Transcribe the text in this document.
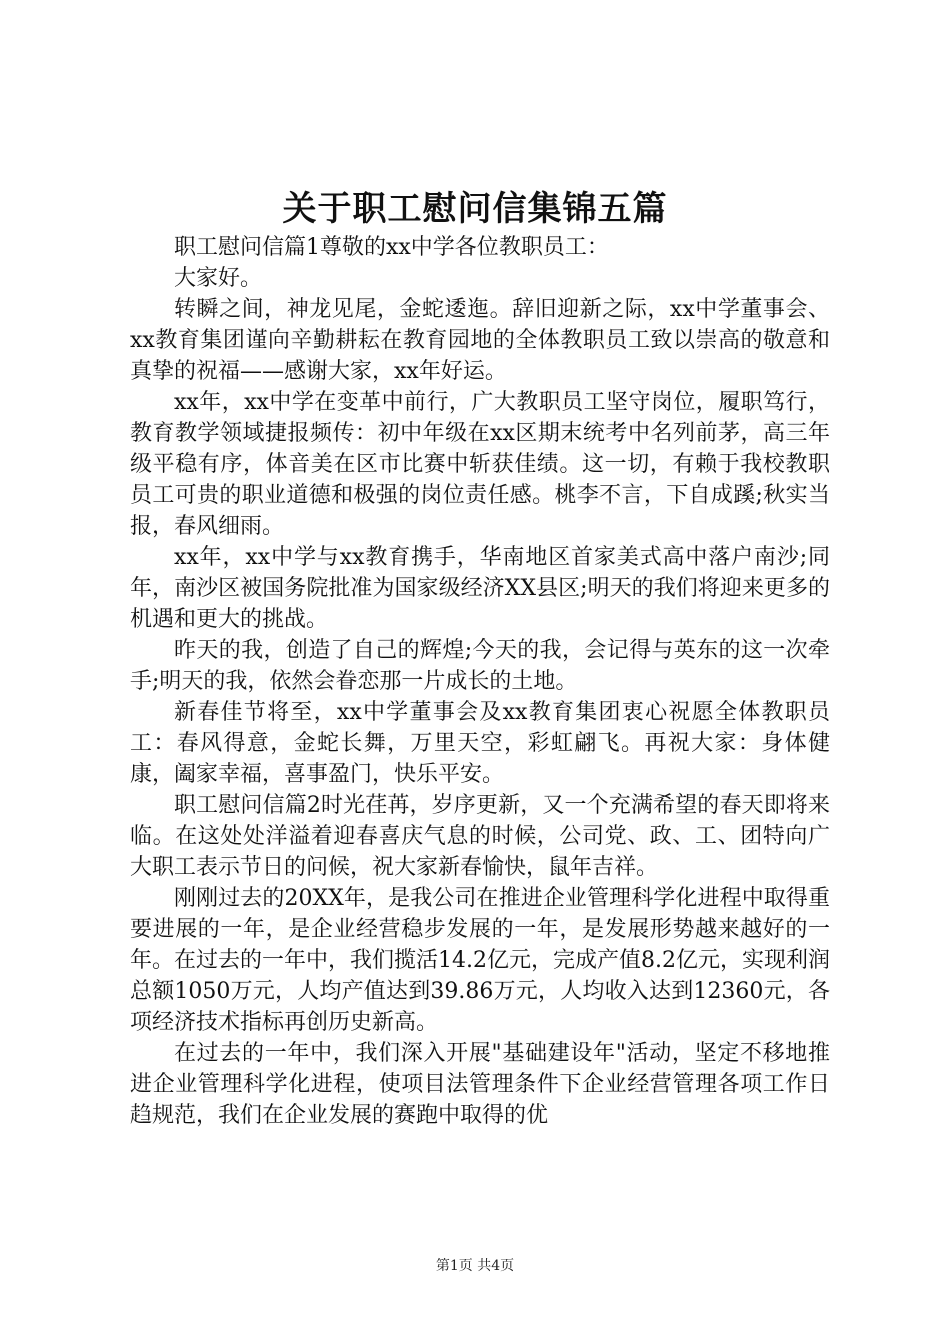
关于职工慰问信集锦五篇

职工慰问信篇1尊敬的xx中学各位教职员工：

大家好。

转瞬之间，神龙见尾，金蛇逶迤。辞旧迎新之际，xx中学董事会、xx教育集团谨向辛勤耕耘在教育园地的全体教职员工致以崇高的敬意和真挚的祝福——感谢大家，xx年好运。

xx年，xx中学在变革中前行，广大教职员工坚守岗位，履职笃行，教育教学领域捷报频传：初中年级在xx区期末统考中名列前茅，高三年级平稳有序，体音美在区市比赛中斩获佳绩。这一切，有赖于我校教职员工可贵的职业道德和极强的岗位责任感。桃李不言，下自成蹊;秋实当报，春风细雨。

xx年，xx中学与xx教育携手，华南地区首家美式高中落户南沙;同年，南沙区被国务院批准为国家级经济XX县区;明天的我们将迎来更多的机遇和更大的挑战。

昨天的我，创造了自己的辉煌;今天的我，会记得与英东的这一次牵手;明天的我，依然会眷恋那一片成长的土地。

新春佳节将至，xx中学董事会及xx教育集团衷心祝愿全体教职员工：春风得意，金蛇长舞，万里天空，彩虹翩飞。再祝大家：身体健康，阖家幸福，喜事盈门，快乐平安。

职工慰问信篇2时光荏苒，岁序更新，又一个充满希望的春天即将来临。在这处处洋溢着迎春喜庆气息的时候，公司党、政、工、团特向广大职工表示节日的问候，祝大家新春愉快，鼠年吉祥。

刚刚过去的20XX年，是我公司在推进企业管理科学化进程中取得重要进展的一年，是企业经营稳步发展的一年，是发展形势越来越好的一年。在过去的一年中，我们揽活14.2亿元，完成产值8.2亿元，实现利润总额1050万元，人均产值达到39.86万元，人均收入达到12360元，各项经济技术指标再创历史新高。

在过去的一年中，我们深入开展"基础建设年"活动，坚定不移地推进企业管理科学化进程，使项目法管理条件下企业经营管理各项工作日趋规范，我们在企业发展的赛跑中取得的优

第1页 共4页
